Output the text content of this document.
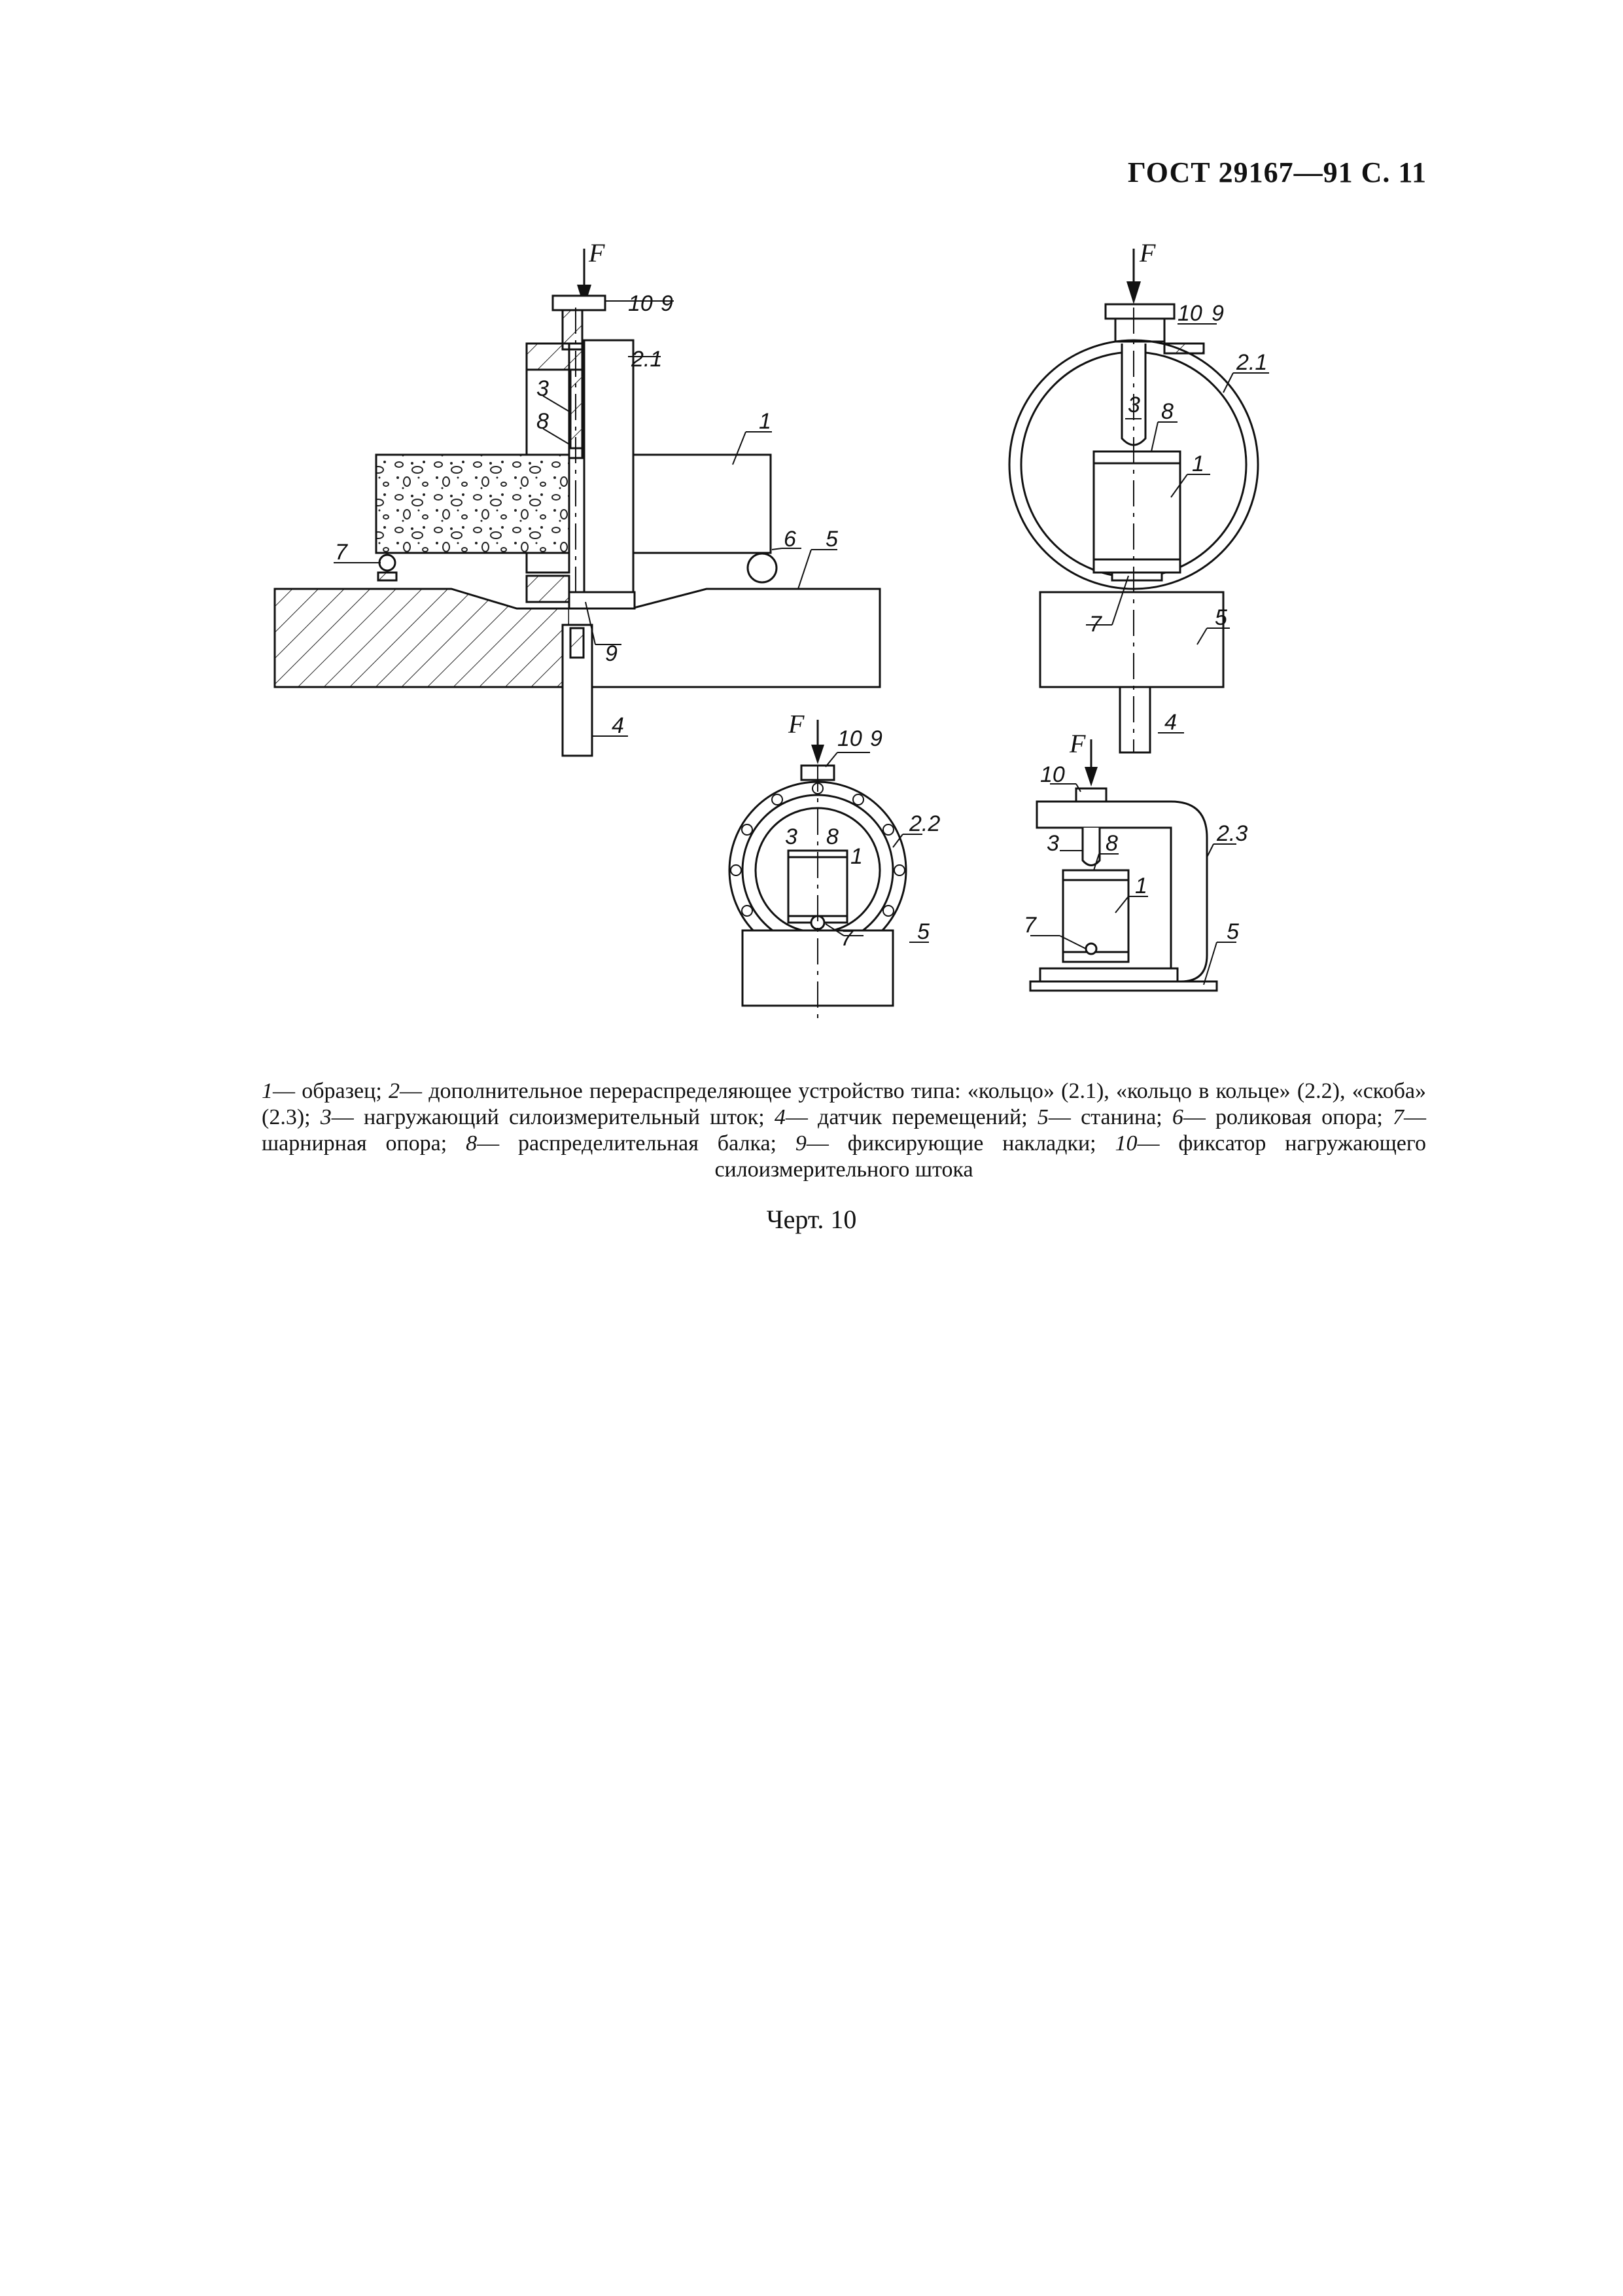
ГОСТ 29167—91 С. 11
F
10 9
2.1
3
8	1
6 5
7
9
4
F
10 9
2.1
3 8
1
7	5
4
F 10 9
3 8
1
2.2
7	5
F
10
3 8
1
2.3
7	5
1— образец; 2— дополнительное перераспределяющее устройство типа: «кольцо» (2.1), «кольцо в кольце» (2.2), «скоба» (2.3); 3— нагружающий силоизмерительный шток; 4— датчик перемещений; 5— станина; 6— роликовая опора; 7— шарнирная опора; 8— распределительная балка; 9— фиксирующие накладки; 10— фиксатор нагружающего силоизмерительного штока
Черт. 10
